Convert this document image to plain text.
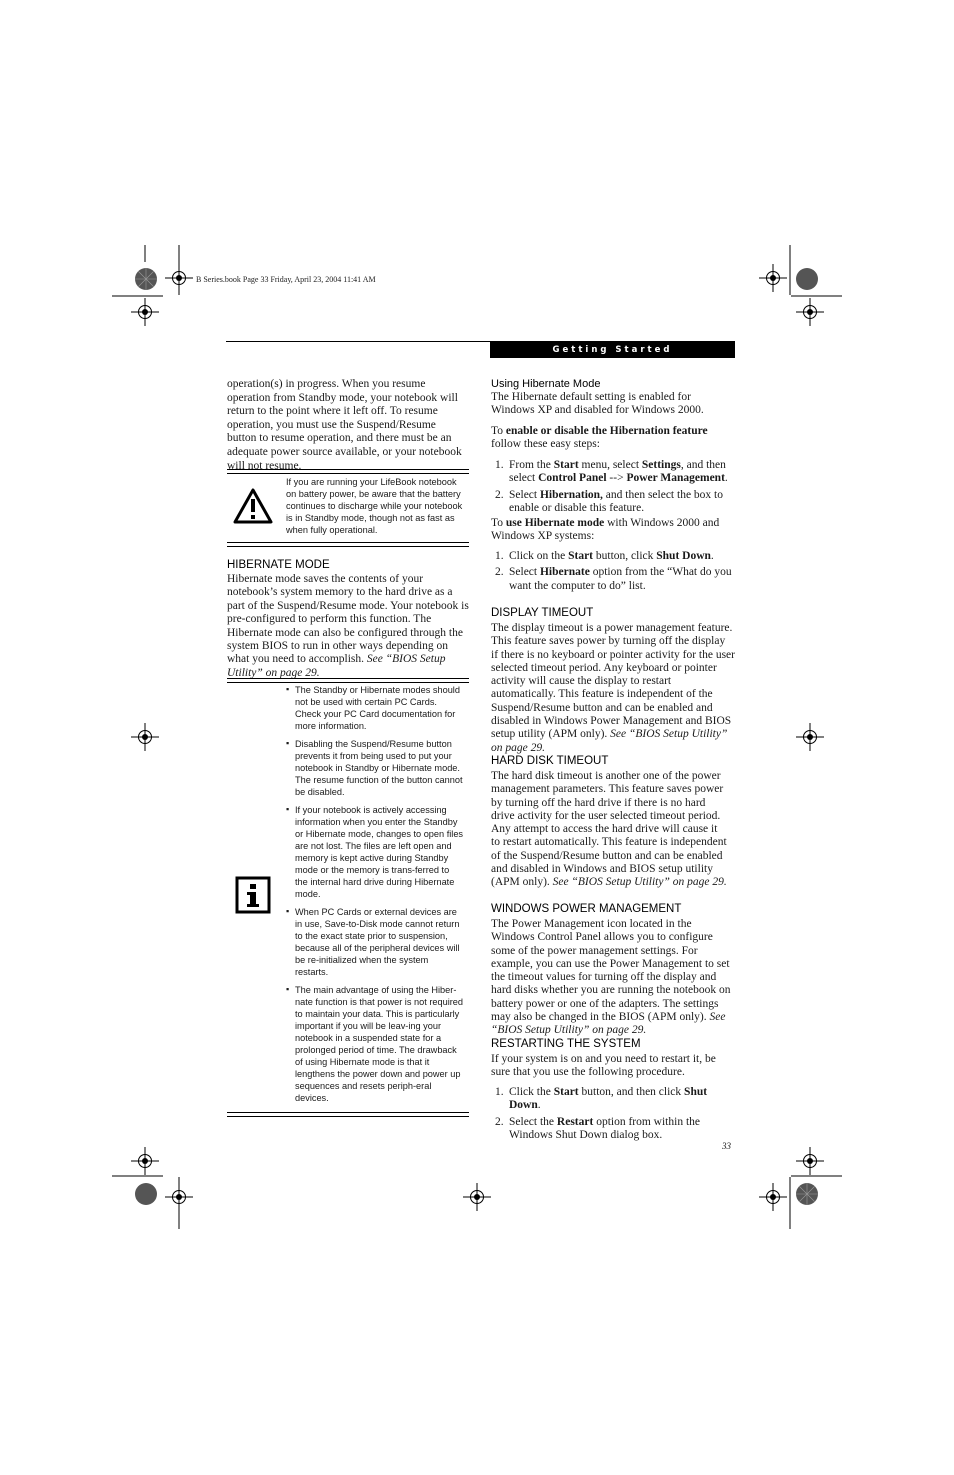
B Series.book Page 33 Friday, April 23, 2004 11:41 AM
Getting Started

operation(s) in progress. When you resume operation from Standby mode, your notebook will return to the point where it left off. To resume operation, you must use the Suspend/Resume button to resume operation, and there must be an adequate power source available, or your notebook will not resume.

If you are running your LifeBook notebook on battery power, be aware that the battery continues to discharge while your notebook is in Standby mode, though not as fast as when fully operational.
HIBERNATE MODE
Hibernate mode saves the contents of your notebook’s system memory to the hard drive as a part of the Suspend/Resume mode. Your notebook is pre-configured to perform this function. The Hibernate mode can also be configured through the system BIOS to run in other ways depending on what you need to accomplish. See “BIOS Setup Utility” on page 29.
▪ The Standby or Hibernate modes should not be used with certain PC Cards. Check your PC Card documentation for more information.
▪ Disabling the Suspend/Resume button prevents it from being used to put your notebook in Standby or Hibernate mode. The resume function of the button cannot be disabled.
▪ If your notebook is actively accessing information when you enter the Standby or Hibernate mode, changes to open files are not lost. The files are left open and memory is kept active during Standby mode or the memory is trans-ferred to the internal hard drive during Hibernate mode.
▪ When PC Cards or external devices are in use, Save-to-Disk mode cannot return to the exact state prior to suspension, because all of the peripheral devices will be re-initialized when the system restarts.
▪ The main advantage of using the Hiber-nate function is that power is not required to maintain your data. This is particularly important if you will be leav-ing your notebook in a suspended state for a prolonged period of time. The drawback of using Hibernate mode is that it lengthens the power down and power up sequences and resets periph-eral devices.
Using Hibernate Mode
The Hibernate default setting is enabled for Windows XP and disabled for Windows 2000.
To enable or disable the Hibernation feature follow these easy steps:
1. From the Start menu, select Settings, and then select Control Panel --> Power Management.
2. Select Hibernation, and then select the box to enable or disable this feature.
To use Hibernate mode with Windows 2000 and Windows XP systems:
1. Click on the Start button, click Shut Down.
2. Select Hibernate option from the “What do you want the computer to do” list.
DISPLAY TIMEOUT
The display timeout is a power management feature. This feature saves power by turning off the display if there is no keyboard or pointer activity for the user selected timeout period. Any keyboard or pointer activity will cause the display to restart automatically. This feature is independent of the Suspend/Resume button and can be enabled and disabled in Windows Power Management and BIOS setup utility (APM only). See “BIOS Setup Utility” on page 29.
HARD DISK TIMEOUT
The hard disk timeout is another one of the power management parameters. This feature saves power by turning off the hard drive if there is no hard drive activity for the user selected timeout period. Any attempt to access the hard drive will cause it to restart automatically. This feature is independent of the Suspend/Resume button and can be enabled and disabled in Windows and BIOS setup utility (APM only). See “BIOS Setup Utility” on page 29.
WINDOWS POWER MANAGEMENT
The Power Management icon located in the Windows Control Panel allows you to configure some of the power management settings. For example, you can use the Power Management to set the timeout values for turning off the display and hard disks whether you are running the notebook on battery power or one of the adapters. The settings may also be changed in the BIOS (APM only). See “BIOS Setup Utility” on page 29.
RESTARTING THE SYSTEM
If your system is on and you need to restart it, be sure that you use the following procedure.
1. Click the Start button, and then click Shut Down.
2. Select the Restart option from within the Windows Shut Down dialog box.
33
